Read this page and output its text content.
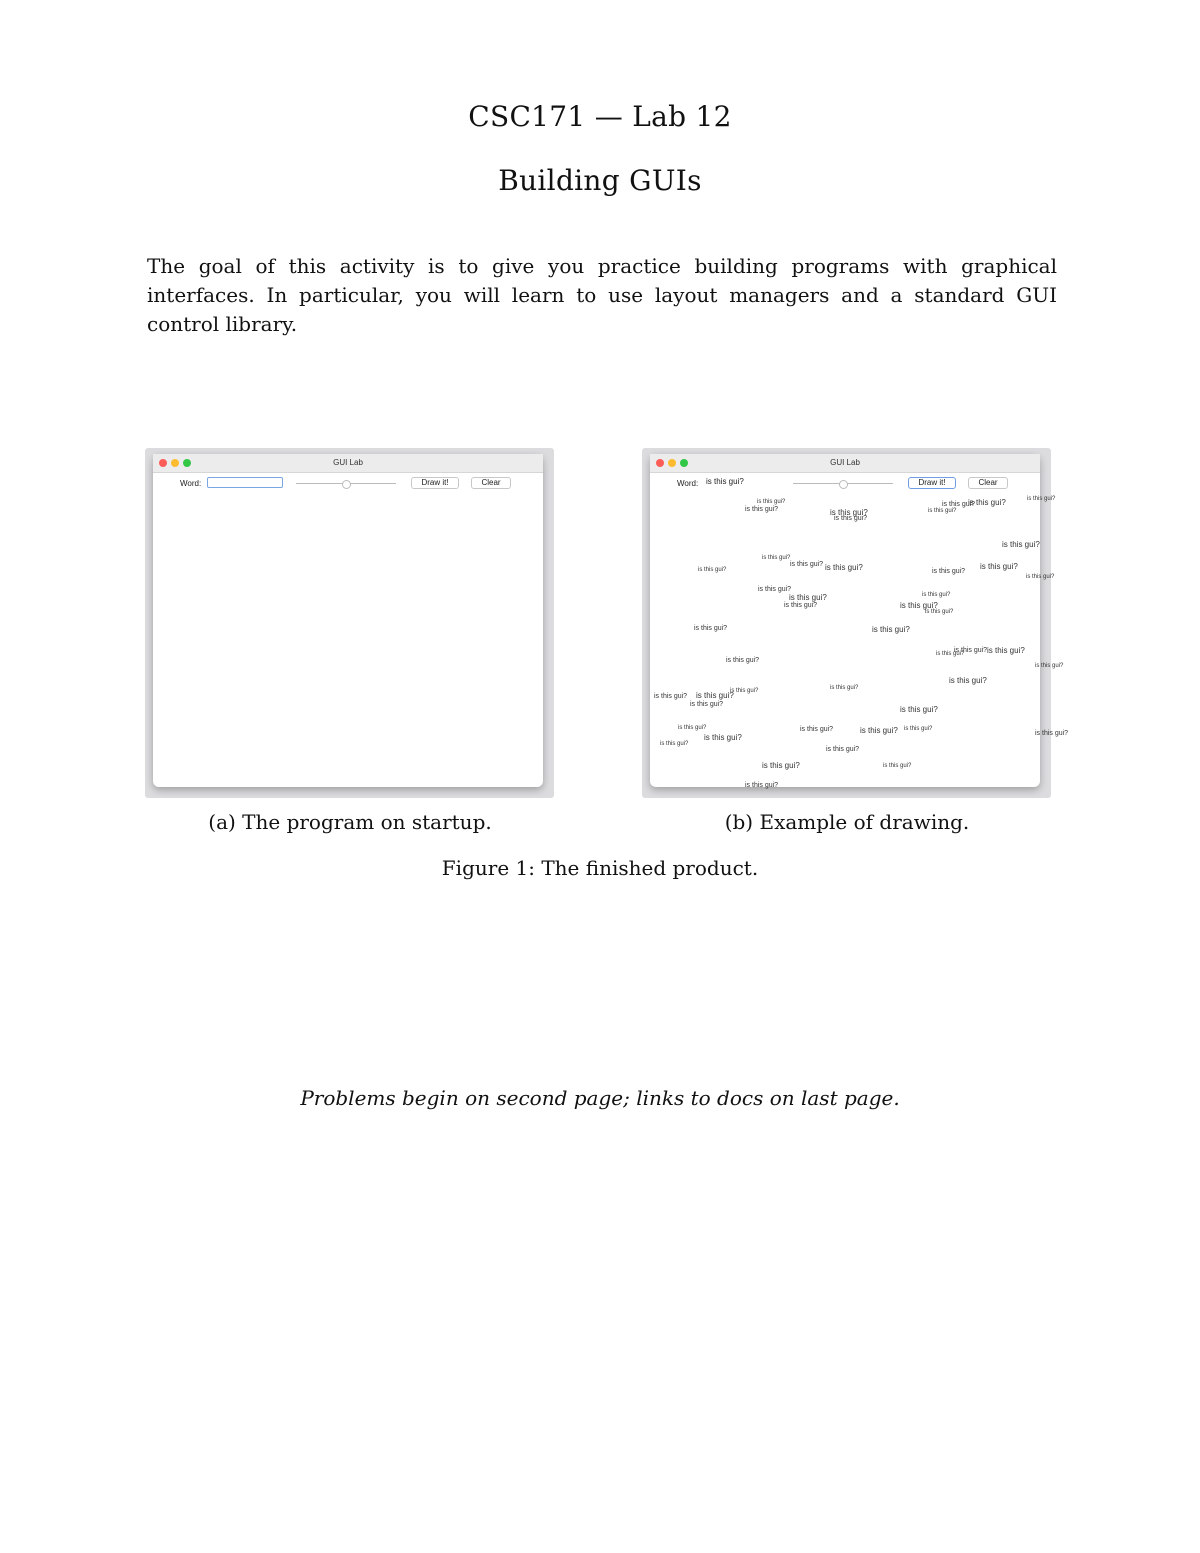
CSC171 — Lab 12
Building GUIs
The goal of this activity is to give you practice building programs with graphical interfaces. In particular, you will learn to use layout managers and a standard GUI control library.
GUI Lab
Word:	Draw it!	Clear
GUI Lab
Word: is this gui?	Draw it!	Clear
is this gui?
is this gui?	is this gui?	is this gui?
is this gui?
is this gui?	is this gui?
is this gui?
is this gui?
is this gui?
is this gui? is this gui?
is this gui?	is this gui?
is this gui?
is this gui?
is this gui?
is this gui?	is this gui?
is this gui?	is this gui?
is this gui?
is this gui?	is this gui?
is this gui?
is this gui? is this gui?
is this gui?
is this gui?
is this gui?
is this gui?
is this gui? is this gui?
is this gui?
is this gui?
is this gui?
is this gui?	is this gui?	is this gui? is this gui?
is this gui?
is this gui?
is this gui?
is this gui?
is this gui?	is this gui?
is this gui?
(a) The program on startup.	(b) Example of drawing.
Figure 1: The finished product.
Problems begin on second page; links to docs on last page.
